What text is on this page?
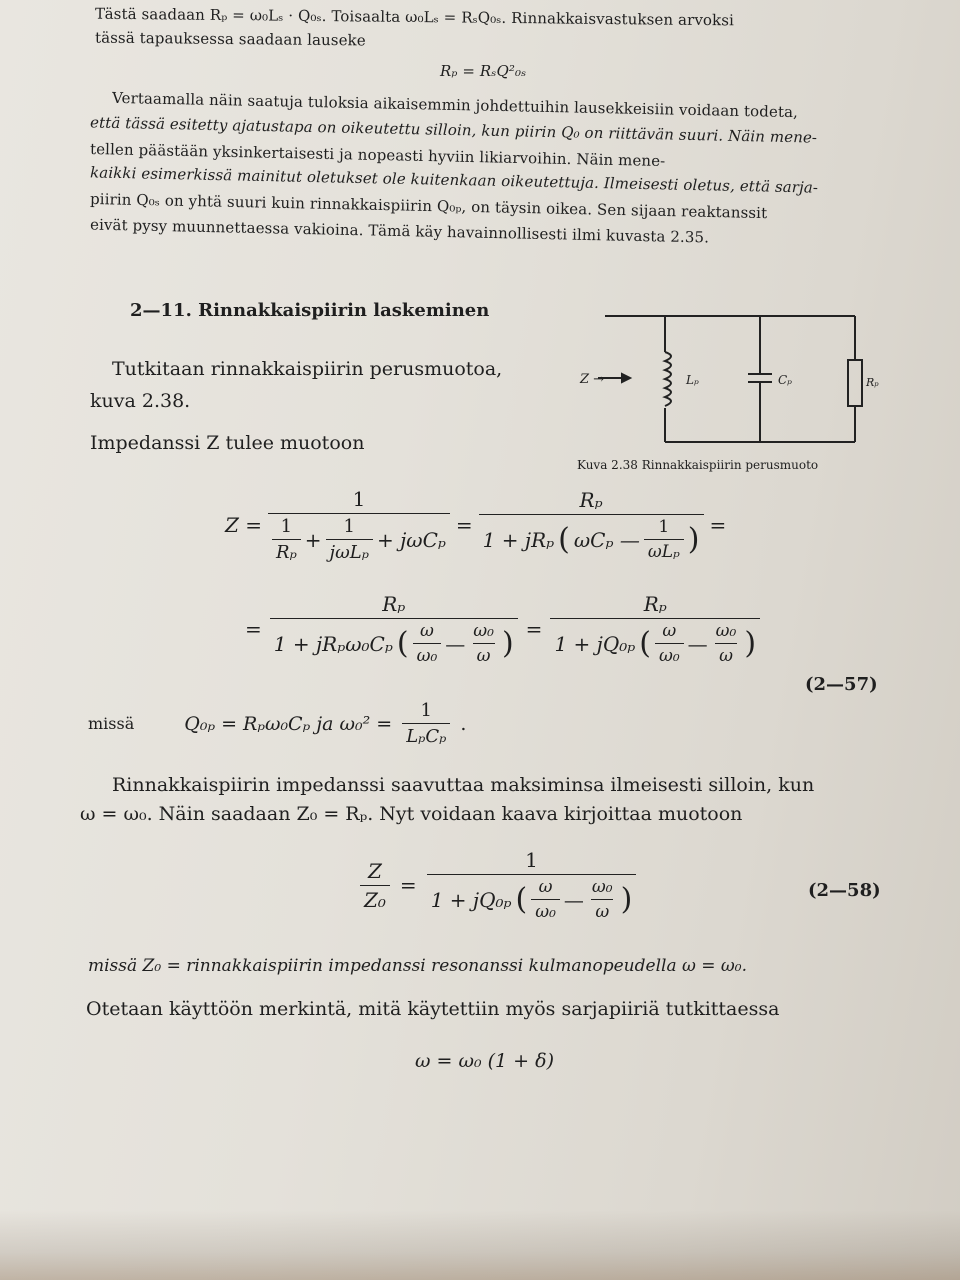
Tästä saadaan Rₚ = ω₀Lₛ · Q₀ₛ. Toisaalta ω₀Lₛ = RₛQ₀ₛ. Rinnakkaisvastuksen arvoksi
tässä tapauksessa saadaan lauseke
Rₚ = RₛQ²₀ₛ
Vertaamalla näin saatuja tuloksia aikaisemmin johdettuihin lausekkeisiin voidaan todeta,
että tässä esitetty ajatustapa on oikeutettu silloin, kun piirin Q₀ on riittävän suuri. Näin mene-
tellen päästään yksinkertaisesti ja nopeasti hyviin likiarvoihin. Näin mene-
kaikki esimerkissä mainitut oletukset ole kuitenkaan oikeutettuja. Ilmeisesti oletus, että sarja-
piirin Q₀ₛ on yhtä suuri kuin rinnakkaispiirin Q₀ₚ, on täysin oikea. Sen sijaan reaktanssit
eivät pysy muunnettaessa vakioina. Tämä käy havainnollisesti ilmi kuvasta 2.35.
2—11. Rinnakkaispiirin laskeminen
Tutkitaan rinnakkaispiirin perusmuotoa,
kuva 2.38.
Impedanssi Z tulee muotoon
Z →	Lₚ	Cₚ	Rₚ
Kuva 2.38 Rinnakkaispiirin perusmuoto
Z =
1
$\frac{1}{\text{Rₚ}} + \frac{1}{\text{jωLₚ}} + j\omega C_p$
=
Rₚ
1 + jRₚ ( ωCₚ — $\frac{1}{\text{ωLₚ}}$ ) =
=
Rₚ
1 + jRₚω₀Cₚ ( $\frac{\omega}{\text{ω₀}}$ — $\frac{\text{ω₀}}{\omega}$ ) =
Rₚ
1 + jQ₀ₚ ( $\frac{\omega}{\text{ω₀}}$ — $\frac{\text{ω₀}}{\omega}$ )
(2—57)
missä	Q₀ₚ = Rₚω₀Cₚ ja $\omega_0^2 = \frac{1}{\text{LₚCₚ}}$ .
Rinnakkaispiirin impedanssi saavuttaa maksiminsa ilmeisesti silloin, kun
ω = ω₀. Näin saadaan Z₀ = Rₚ. Nyt voidaan kaava kirjoittaa muotoon
$\frac{Z}{\text{Z₀}}$ =
1
1 + jQ₀ₚ ( $\frac{\omega}{\text{ω₀}}$ — $\frac{\text{ω₀}}{\omega}$ )	(2—58)
missä Z₀ = rinnakkaispiirin impedanssi resonanssi kulmanopeudella ω = ω₀.
Otetaan käyttöön merkintä, mitä käytettiin myös sarjapiiriä tutkittaessa
ω = ω₀ (1 + δ)
